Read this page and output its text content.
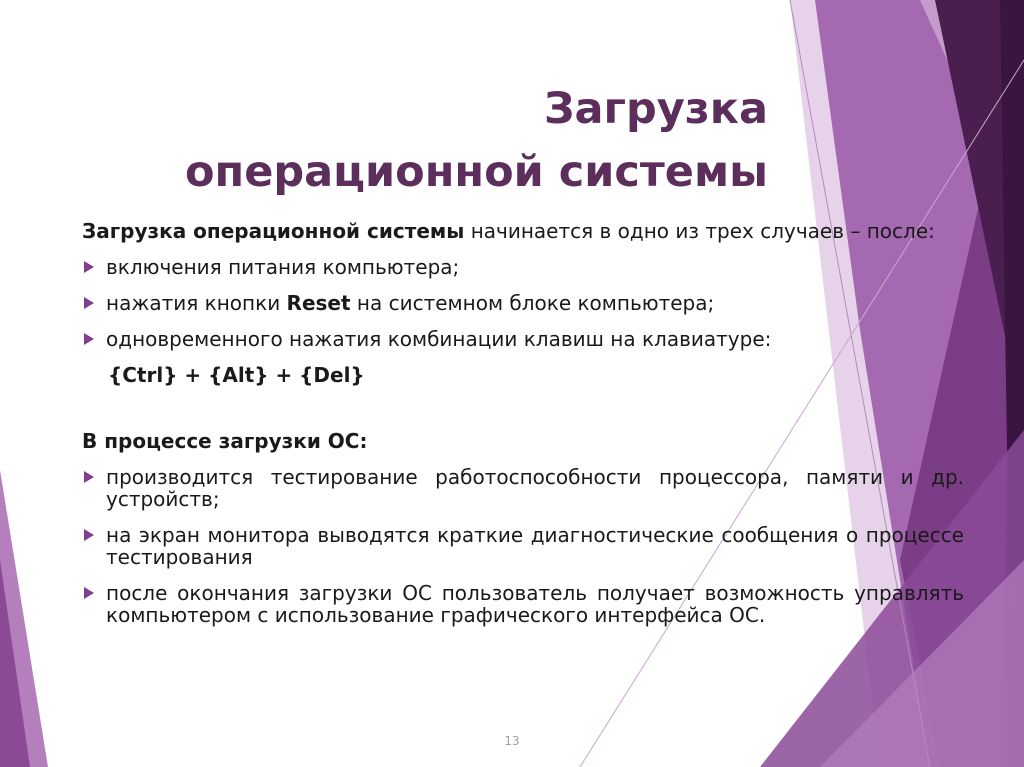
Загрузка
операционной системы
Загрузка операционной системы начинается в одно из трех случаев – после:
включения питания компьютера;
нажатия кнопки Reset на системном блоке компьютера;
одновременного нажатия комбинации клавиш на клавиатуре:
{Ctrl} + {Alt} + {Del}
В процессе загрузки ОС:
производится тестирование работоспособности процессора, памяти и др. устройств;
на экран монитора выводятся краткие диагностические сообщения о процессе тестирования
после окончания загрузки ОС пользователь получает возможность управлять компьютером с использование графического интерфейса ОС.
13
